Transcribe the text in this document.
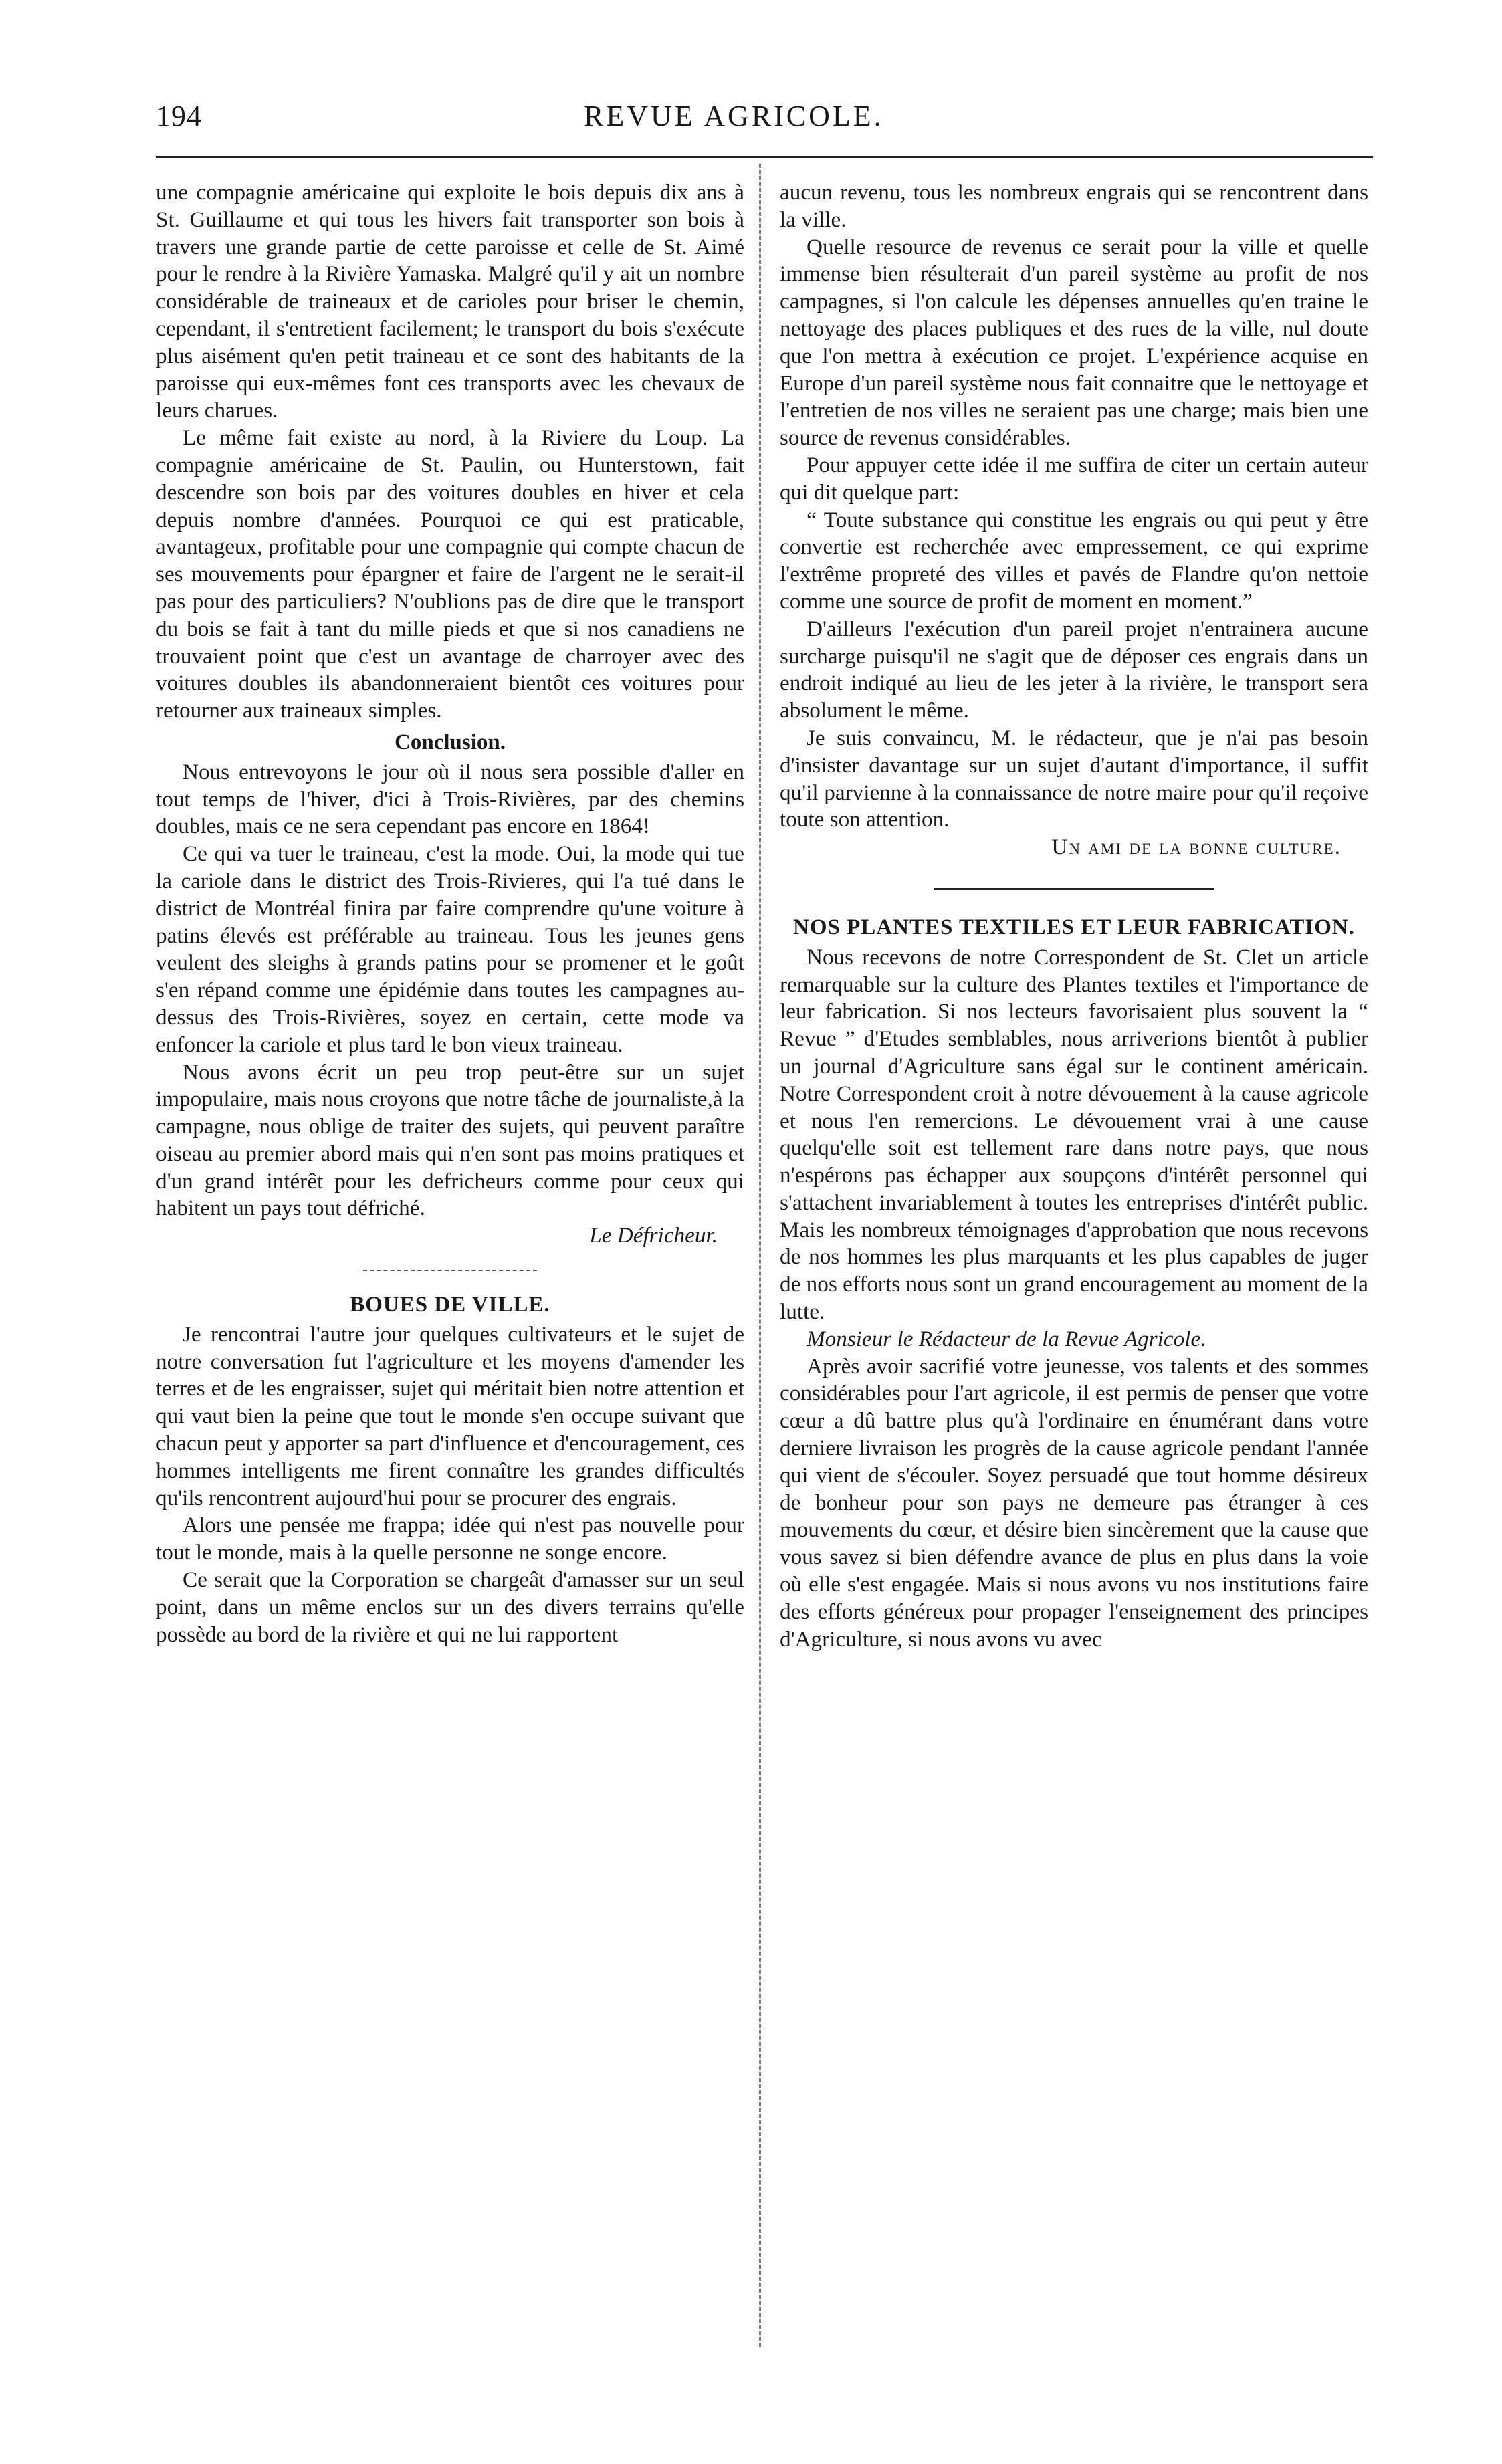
194	REVUE AGRICOLE.

une compagnie américaine qui exploite le bois depuis dix ans à St. Guillaume et qui tous les hivers fait transporter son bois à travers une grande partie de cette paroisse et celle de St. Aimé pour le rendre à la Rivière Yamaska. Malgré qu'il y ait un nombre considérable de traineaux et de carioles pour briser le chemin, cependant, il s'entretient facilement; le transport du bois s'exécute plus aisément qu'en petit traineau et ce sont des habitants de la paroisse qui eux-mêmes font ces transports avec les chevaux de leurs charues.

Le même fait existe au nord, à la Riviere du Loup. La compagnie américaine de St. Paulin, ou Hunterstown, fait descendre son bois par des voitures doubles en hiver et cela depuis nombre d'années. Pourquoi ce qui est praticable, avantageux, profitable pour une compagnie qui compte chacun de ses mouvements pour épargner et faire de l'argent ne le serait-il pas pour des particuliers? N'oublions pas de dire que le transport du bois se fait à tant du mille pieds et que si nos canadiens ne trouvaient point que c'est un avantage de charroyer avec des voitures doubles ils abandonneraient bientôt ces voitures pour retourner aux traineaux simples.

Conclusion.

Nous entrevoyons le jour où il nous sera possible d'aller en tout temps de l'hiver, d'ici à Trois-Rivières, par des chemins doubles, mais ce ne sera cependant pas encore en 1864!

Ce qui va tuer le traineau, c'est la mode. Oui, la mode qui tue la cariole dans le district des Trois-Rivieres, qui l'a tué dans le district de Montréal finira par faire comprendre qu'une voiture à patins élevés est préférable au traineau. Tous les jeunes gens veulent des sleighs à grands patins pour se promener et le goût s'en répand comme une épidémie dans toutes les campagnes au-dessus des Trois-Rivières, soyez en certain, cette mode va enfoncer la cariole et plus tard le bon vieux traineau.

Nous avons écrit un peu trop peut-être sur un sujet impopulaire, mais nous croyons que notre tâche de journaliste,à la campagne, nous oblige de traiter des sujets, qui peuvent paraître oiseau au premier abord mais qui n'en sont pas moins pratiques et d'un grand intérêt pour les defricheurs comme pour ceux qui habitent un pays tout défriché.

Le Défricheur.
BOUES DE VILLE.

Je rencontrai l'autre jour quelques cultivateurs et le sujet de notre conversation fut l'agriculture et les moyens d'amender les terres et de les engraisser, sujet qui méritait bien notre attention et qui vaut bien la peine que tout le monde s'en occupe suivant que chacun peut y apporter sa part d'influence et d'encouragement, ces hommes intelligents me firent connaître les grandes difficultés qu'ils rencontrent aujourd'hui pour se procurer des engrais.

Alors une pensée me frappa; idée qui n'est pas nouvelle pour tout le monde, mais à la quelle personne ne songe encore.

Ce serait que la Corporation se chargeât d'amasser sur un seul point, dans un même enclos sur un des divers terrains qu'elle possède au bord de la rivière et qui ne lui rapportent

aucun revenu, tous les nombreux engrais qui se rencontrent dans la ville.

Quelle resource de revenus ce serait pour la ville et quelle immense bien résulterait d'un pareil système au profit de nos campagnes, si l'on calcule les dépenses annuelles qu'en traine le nettoyage des places publiques et des rues de la ville, nul doute que l'on mettra à exécution ce projet. L'expérience acquise en Europe d'un pareil système nous fait connaitre que le nettoyage et l'entretien de nos villes ne seraient pas une charge; mais bien une source de revenus considérables.

Pour appuyer cette idée il me suffira de citer un certain auteur qui dit quelque part:

“ Toute substance qui constitue les engrais ou qui peut y être convertie est recherchée avec empressement, ce qui exprime l'extrême propreté des villes et pavés de Flandre qu'on nettoie comme une source de profit de moment en moment.”

D'ailleurs l'exécution d'un pareil projet n'entrainera aucune surcharge puisqu'il ne s'agit que de déposer ces engrais dans un endroit indiqué au lieu de les jeter à la rivière, le transport sera absolument le même.

Je suis convaincu, M. le rédacteur, que je n'ai pas besoin d'insister davantage sur un sujet d'autant d'importance, il suffit qu'il parvienne à la connaissance de notre maire pour qu'il reçoive toute son attention.

Un ami de la bonne culture.
NOS PLANTES TEXTILES ET LEUR FABRICATION.

Nous recevons de notre Correspondent de St. Clet un article remarquable sur la culture des Plantes textiles et l'importance de leur fabrication. Si nos lecteurs favorisaient plus souvent la “ Revue ” d'Etudes semblables, nous arriverions bientôt à publier un journal d'Agriculture sans égal sur le continent américain. Notre Correspondent croit à notre dévouement à la cause agricole et nous l'en remercions. Le dévouement vrai à une cause quelqu'elle soit est tellement rare dans notre pays, que nous n'espérons pas échapper aux soupçons d'intérêt personnel qui s'attachent invariablement à toutes les entreprises d'intérêt public. Mais les nombreux témoignages d'approbation que nous recevons de nos hommes les plus marquants et les plus capables de juger de nos efforts nous sont un grand encouragement au moment de la lutte.

Monsieur le Rédacteur de la Revue Agricole.

Après avoir sacrifié votre jeunesse, vos talents et des sommes considérables pour l'art agricole, il est permis de penser que votre cœur a dû battre plus qu'à l'ordinaire en énumérant dans votre derniere livraison les progrès de la cause agricole pendant l'année qui vient de s'écouler. Soyez persuadé que tout homme désireux de bonheur pour son pays ne demeure pas étranger à ces mouvements du cœur, et désire bien sincèrement que la cause que vous savez si bien défendre avance de plus en plus dans la voie où elle s'est engagée. Mais si nous avons vu nos institutions faire des efforts généreux pour propager l'enseignement des principes d'Agriculture, si nous avons vu avec
